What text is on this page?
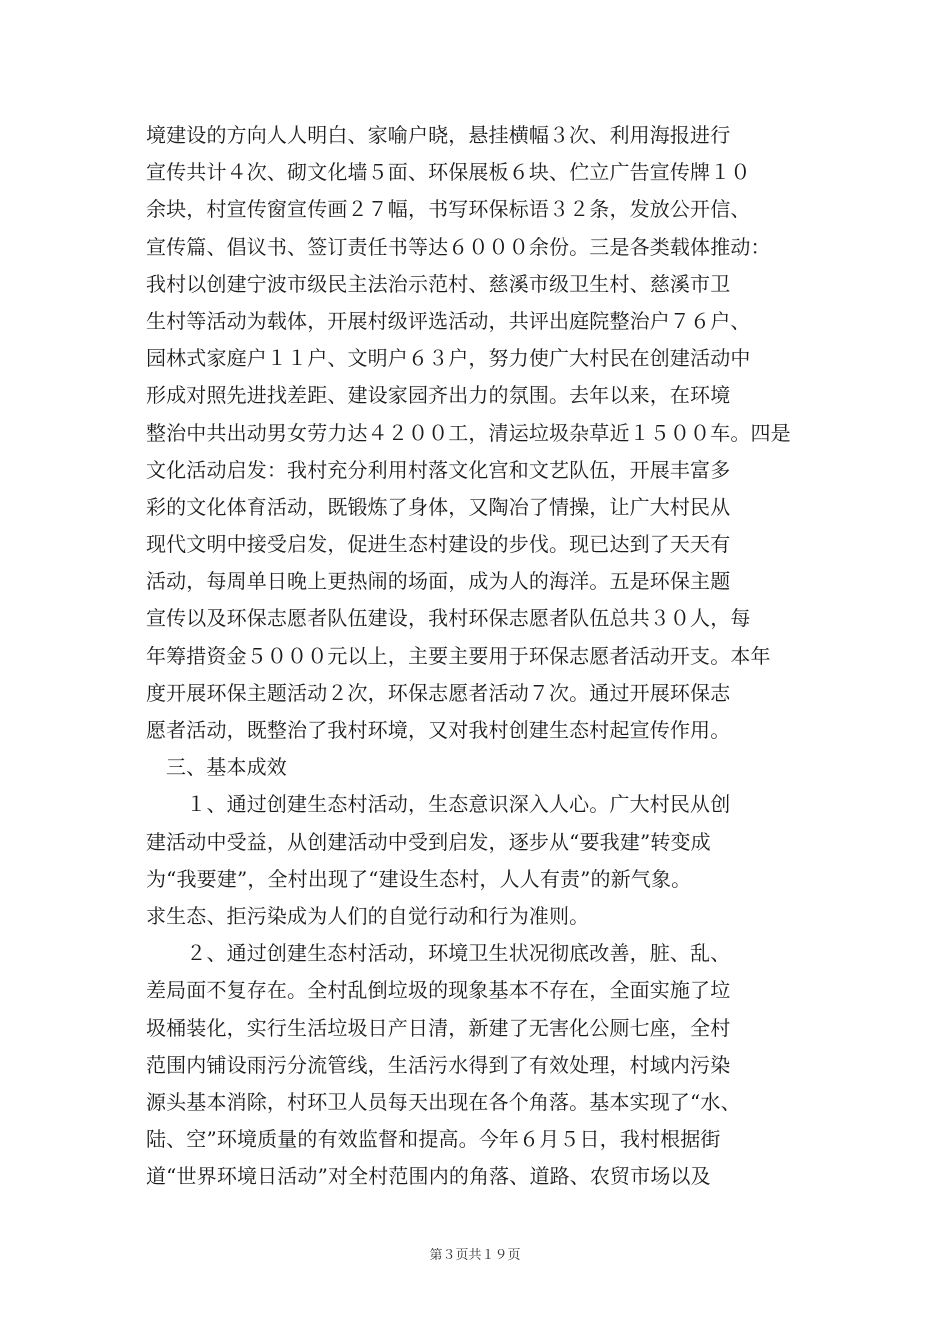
境建设的方向人人明白、家喻户晓，悬挂横幅３次、利用海报进行
宣传共计４次、砌文化墙５面、环保展板６块、伫立广告宣传牌１０
余块，村宣传窗宣传画２７幅，书写环保标语３２条，发放公开信、
宣传篇、倡议书、签订责任书等达６０００余份。三是各类载体推动：
我村以创建宁波市级民主法治示范村、慈溪市级卫生村、慈溪市卫
生村等活动为载体，开展村级评选活动，共评出庭院整治户７６户、
园林式家庭户１１户、文明户６３户，努力使广大村民在创建活动中
形成对照先进找差距、建设家园齐出力的氛围。去年以来，在环境
整治中共出动男女劳力达４２００工，清运垃圾杂草近１５００车。四是
文化活动启发：我村充分利用村落文化宫和文艺队伍，开展丰富多
彩的文化体育活动，既锻炼了身体，又陶冶了情操，让广大村民从
现代文明中接受启发，促进生态村建设的步伐。现已达到了天天有
活动，每周单日晚上更热闹的场面，成为人的海洋。五是环保主题
宣传以及环保志愿者队伍建设，我村环保志愿者队伍总共３０人，每
年筹措资金５０００元以上，主要主要用于环保志愿者活动开支。本年
度开展环保主题活动２次，环保志愿者活动７次。通过开展环保志
愿者活动，既整治了我村环境，又对我村创建生态村起宣传作用。
三、基本成效
　　１、通过创建生态村活动，生态意识深入人心。广大村民从创
建活动中受益，从创建活动中受到启发，逐步从“要我建”转变成
为“我要建”，全村出现了“建设生态村，人人有责”的新气象。
求生态、拒污染成为人们的自觉行动和行为准则。
　　２、通过创建生态村活动，环境卫生状况彻底改善，脏、乱、
差局面不复存在。全村乱倒垃圾的现象基本不存在，全面实施了垃
圾桶装化，实行生活垃圾日产日清，新建了无害化公厕七座，全村
范围内铺设雨污分流管线，生活污水得到了有效处理，村域内污染
源头基本消除，村环卫人员每天出现在各个角落。基本实现了“水、
陆、空”环境质量的有效监督和提高。今年６月５日，我村根据街
道“世界环境日活动”对全村范围内的角落、道路、农贸市场以及
第３页共１９页
